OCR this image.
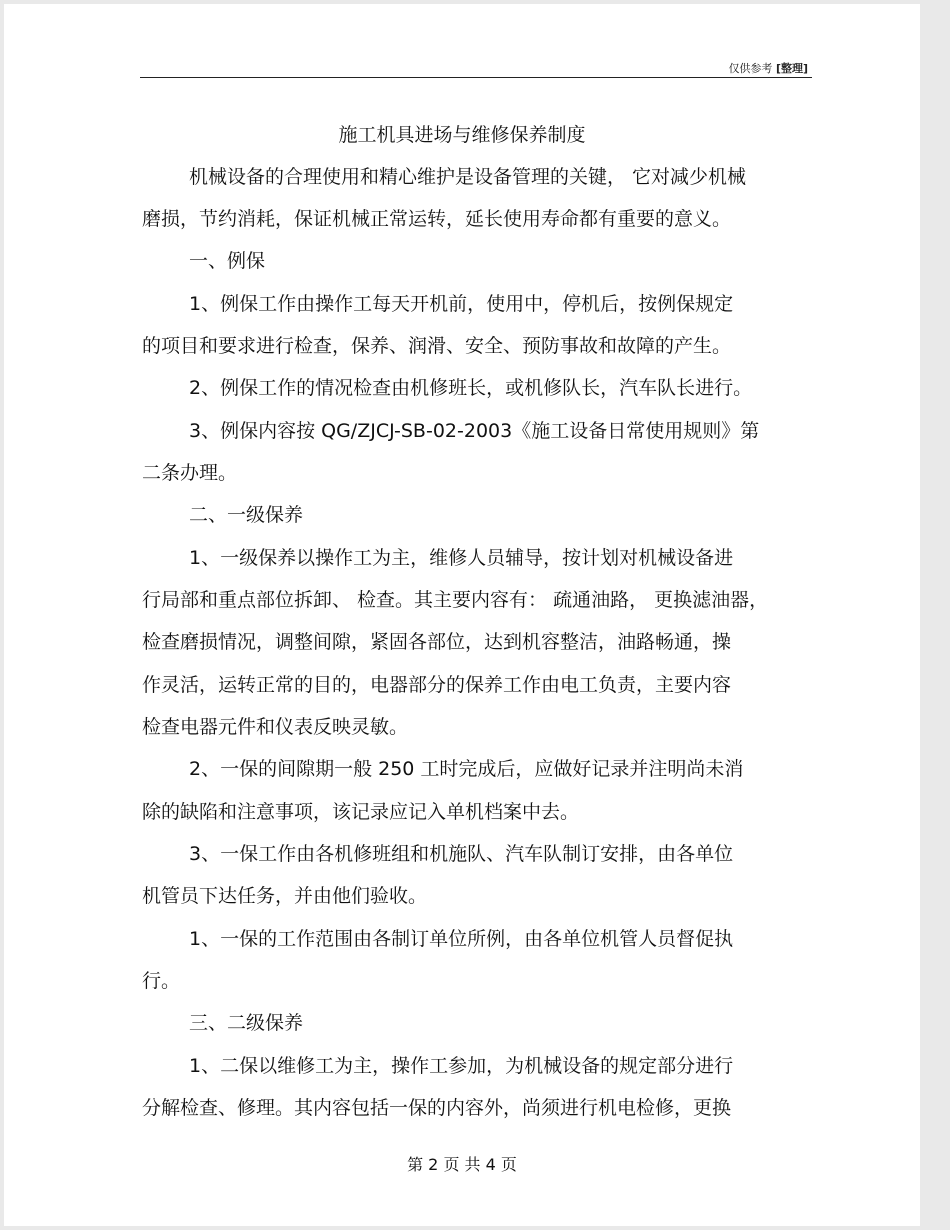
仅供参考 [整理]
施工机具进场与维修保养制度
机械设备的合理使用和精心维护是设备管理的关键， 它对减少机械
磨损，节约消耗，保证机械正常运转，延长使用寿命都有重要的意义。
一、例保
1、例保工作由操作工每天开机前，使用中，停机后，按例保规定
的项目和要求进行检查，保养、润滑、安全、预防事故和故障的产生。
2、例保工作的情况检查由机修班长，或机修队长，汽车队长进行。
3、例保内容按 QG/ZJCJ-SB-02-2003《施工设备日常使用规则》第
二条办理。
二、一级保养
1、一级保养以操作工为主，维修人员辅导，按计划对机械设备进
行局部和重点部位拆卸、 检查。其主要内容有： 疏通油路， 更换滤油器，
检查磨损情况，调整间隙，紧固各部位，达到机容整洁，油路畅通，操
作灵活，运转正常的目的，电器部分的保养工作由电工负责，主要内容
检查电器元件和仪表反映灵敏。
2、一保的间隙期一般 250 工时完成后，应做好记录并注明尚未消
除的缺陷和注意事项，该记录应记入单机档案中去。
3、一保工作由各机修班组和机施队、汽车队制订安排，由各单位
机管员下达任务，并由他们验收。
1、一保的工作范围由各制订单位所例，由各单位机管人员督促执
行。
三、二级保养
1、二保以维修工为主，操作工参加，为机械设备的规定部分进行
分解检查、修理。其内容包括一保的内容外，尚须进行机电检修，更换
第 2 页 共 4 页
